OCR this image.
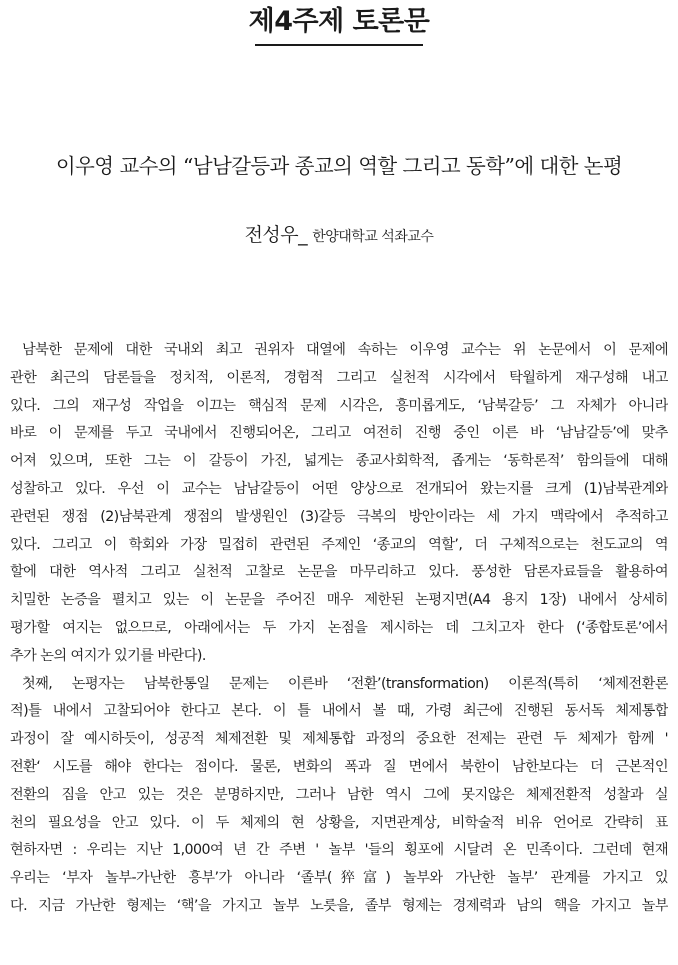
제4주제 토론문
이우영 교수의 “남남갈등과 종교의 역할 그리고 동학”에 대한 논평
전성우_ 한양대학교 석좌교수
남북한 문제에 대한 국내외 최고 권위자 대열에 속하는 이우영 교수는 위 논문에서 이 문제에
관한 최근의 담론들을 정치적, 이론적, 경험적 그리고 실천적 시각에서 탁월하게 재구성해 내고
있다. 그의 재구성 작업을 이끄는 핵심적 문제 시각은, 흥미롭게도, ‘남북갈등’ 그 자체가 아니라
바로 이 문제를 두고 국내에서 진행되어온, 그리고 여전히 진행 중인 이른 바 ‘남남갈등’에 맞추
어져 있으며, 또한 그는 이 갈등이 가진, 넓게는 종교사회학적, 좁게는 ‘동학론적’ 함의들에 대해
성찰하고 있다. 우선 이 교수는 남남갈등이 어떤 양상으로 전개되어 왔는지를 크게 (1)남북관계와
관련된 쟁점 (2)남북관계 쟁점의 발생원인 (3)갈등 극복의 방안이라는 세 가지 맥락에서 추적하고
있다. 그리고 이 학회와 가장 밀접히 관련된 주제인 ‘종교의 역할’, 더 구체적으로는 천도교의 역
할에 대한 역사적 그리고 실천적 고찰로 논문을 마무리하고 있다. 풍성한 담론자료들을 활용하여
치밀한 논증을 펼치고 있는 이 논문을 주어진 매우 제한된 논평지면(A4 용지 1장) 내에서 상세히
평가할 여지는 없으므로, 아래에서는 두 가지 논점을 제시하는 데 그치고자 한다 (‘종합토론’에서
추가 논의 여지가 있기를 바란다).
첫째, 논평자는 남북한통일 문제는 이른바 ‘전환’(transformation) 이론적(특히 ‘체제전환론
적)틀 내에서 고찰되어야 한다고 본다. 이 틀 내에서 볼 때, 가령 최근에 진행된 동서독 체제통합
과정이 잘 예시하듯이, 성공적 체제전환 및 제체통합 과정의 중요한 전제는 관련 두 체제가 함께 '
전환‘ 시도를 해야 한다는 점이다. 물론, 변화의 폭과 질 면에서 북한이 남한보다는 더 근본적인
전환의 짐을 안고 있는 것은 분명하지만, 그러나 남한 역시 그에 못지않은 체제전환적 성찰과 실
천의 필요성을 안고 있다. 이 두 체제의 현 상황을, 지면관계상, 비학술적 비유 언어로 간략히 표
현하자면 : 우리는 지난 1,000여 년 간 주변 ' 놀부 '들의 횡포에 시달려 온 민족이다. 그런데 현재
우리는 ‘부자 놀부-가난한 흥부’가 아니라 ‘졸부(猝富) 놀부와 가난한 놀부’ 관계를 가지고 있
다. 지금 가난한 형제는 ‘핵’을 가지고 놀부 노릇을, 졸부 형제는 경제력과 남의 핵을 가지고 놀부
